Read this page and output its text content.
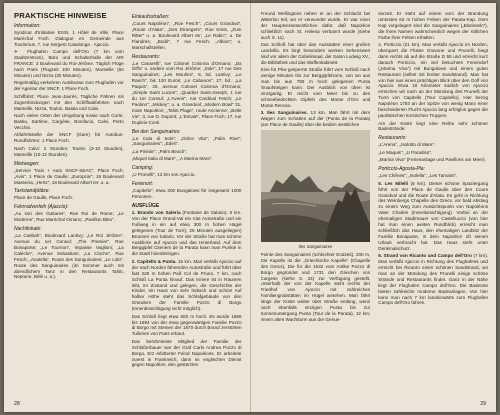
PRAKTISCHE HINWEISE
Information:

Syndicat d'Initiative ESSI, 1 Hôtel de Ville, Place Maréchal Foch. Dialogue en Gemeinde aus Tourismus. 7, rue Sergent Casalonga · Ajaccio.

✈ Flughafen Campo dell'Oro (7 km vom Stadtzentrum). Büro und Schalterhalle der AIR FRANCE: 3 Boulevard du Roi-Jérôme. Täglich Flüge nach Paris (Flugzeit 100 Minuten), Marseille (50 Minuten) und Nizza (30 Minuten).

Regelmäßig verkehren Autobusse zum Flughafen vor der Agentur der SNCF, 1 Place Foch.

Schiffahrt: Place Jean-Jaurès, Tägliche Fähren mit Zugverbindungen mit den Schiffsabfahrten nach Marseille, Nizza, Toulon. Bastia und Calvi.

Nach vielen Orten der Umgebung sowie nach Corte, Bastia, Sartène, Cargèse, Bonifacio, Calvi, Porto Vecchio.

Abfahrtsstelle der SNCF (Gare) für Autobus-Rundfahrten: 1 Place Foch.

Nach Calvi: 2 Stunden; Toulon (3-10 Stunden), Marseille (10-12 Stunden).

Mietwagen:

„Service Train + Auto SNCF-SEAC“, Place Foch; „Avis“, 1 Place de Gaulle; „Europcar“, 16 Boulevard Masseria; „Hertz“, 18 Boulevard Albert Ier. u. a.

Taxistandplätze:

Place de Gaulle, Place Foch.

Fahrradverleih (Ajaccio):

„Au son des Guitares“, Rue Roi de Rome; „Le Moderne“, Rue Maréchal Ornano; „Pavillon Bleu“.

Nachtlokale:

„La Casbah“, Boulevard Lantivy; „Le Roi Jérôme“, Avenue du 1er Consul; „The Premier“, Rue Bonaparte; „Le Tournon“, Impasse Vaglioni; „La Calèche“, Avenue Sebastiani; „La Cloche“, Rue Fesch; „Anatella“, Route des Sanguinaires; „Le Lido“. Route des Sanguinaires (im Sommer auch mit abendlichem Tanz in den Restaurants Tahiti, Neptune, Bélé u. a.).

Einkaufsstraßen:

„Cours Napoléon“, „Rue Fesch“; „Cours Grandval“, „Route d'Alata“, „Des Etrangers“, Rue Kreis, „Zum Ritter“ u. a. Boulevard Albert Ier; „Le Rabic“; u. De Flandres; „Bodé“, 7 rue Fesch; „Albion“; u. Marschallstellen.

Restaurants:

„Le Canarelli“, rue Colonel Colonna d'Ornano; „Da Giffo“ u. andere vom Roi Jérôme; „Sole“, 17 rue Des Sanguinaires; „Les Moulins“, 8, bd. Lantivy; „Le Ranch“, bis 120 Euros; „Le Cabanon“, 27, bd.; „La Paquis“, 25, avenue Colonel Colonna d'Ornano; „Simple Saint Lucien“; „Quartier Saint-Joseph, 1 rue du 1er Consul; „L'Avenir“, rue Cardinal Fesch; „Le Paolino“; „Mickey“; u. a. Grandval; „Modern Bowl“ 31, route Napoléon; „Tahiti Plage“, route Ancienne; „Belle Vie“, 3, rue D. Dupont; „L'Escale“, Place Foch; 17, rue Dupleix-Conti.

Bei den Sanguinaires:

„Le Cala di Sole“; „Dolce Vita“; „Palm Rive“; „Sanguinaires“; „Eden“.

„La Pinède“; „Palm Beach“.

„Miquel Italia di Mare“, „A Marina Mare“.

Camping:

„U Prunelli“, 12 km von Ajaccio.

Ferienort:

„Capitello“, etwa 300 Bungalows für insgesamt 1000 Personen.

AUSFLÜGE

1. Brando von Saleria (Fontaine de Salario). 5 km. Von der Place Grand-Val ein rote Autostraße und ein Fußweg in ein auf etwa 300 m hohen Hügel gelegenen (Tour de Turri), 25 Minuten ausgeliegen) Brunnen von Salario. Vor der Straße hat man schöne Ausblicke auf Ajaccio und das Hinterland. Auf dem Berggipfel Citenem de la Parata kann man Punkte in die Stadt hineinbringen.

2. Capitello & Punta. 15 km. Man verläßt Ajaccio auf der nach Norden führenden Autostraße und führt über fast 228 m hohen Paß Col de Pruno, 7 km, nach Schloß La Punta hinauf. Das Innere ist in Räumen lebt, im Zustand und gelegen, die Geschichte der Kinder, ein Haus von sehr hübsch und schön! Auf halber Höhe steht das Schlafgebäude von den Gründern der Familie Pozzo di Borgo (Innenbesichtigung nicht möglich).

Das Schloß liegt etwa 600 m hoch. Es wurde 1886 bis 1894 von der etwa gegenwärtigen Familie Pozzo di Borgo mit Steinen der 1870 durch Brand zerstörten Tuilerien von Paris erbaut.

Das berühmteste Mitglied der Familie der Schloßerbauer war der Graf Carlo Andrea Pozzo di Borgo, Erz erbitterter Feind Napoléons. Er arbeitete zuerst in Frankreich, dann im englischen Dienst gegen Napoléon, den gestürzten

28

Freund Wellingtons neben er an der Schlacht bei Waterloo teil, wo er verwundet wurde. Er war einer der Hauptverantwortlichen dafür, daß Napoléon schließlich nach St. Helena verbannt wurde (siehe auch S. 11).

Das Schloß hat über das Ausstatten einer großen Landvilla. Es birgt besonders werken Sehenswert sind vor allem der Gobelinsaal, der Salon Ludwig XV., die Bibliothek und das Waffenkabinett.

Eine für Pkw gesperrte Straße führt vom Schloß nach wenige Minuten bis zur Berggipfelzone, von wo aus man bis aus 780 m hoch gelegenen Punta hinaufsteigen kann. Der Ausblick von oben ist einzigartig. Er reicht vom Meer bis zu den schneebedeckten Gipfeln des Monte d'Oro und Monte Renoso.

3. Iles Sanguinaires. 13 km. Man fährt mit dem Wagen zum Schatten auf der (Punta de la Parata) (am Place de Gaulle) über die beiden westlichen

Iles Sanguinaires

Pointe des Sanguinaires (schlechter Endzeit), 200 m, Die Kapelle ist die „Griechische Kapelle“ (Chapelle des Grecs), Die für die 1632 vom Antike Pozzo di Borgo gegründet und 1731 den Griechen von Cargese (siehe S. 34) zur Verfügung gestellt. Unterhalb der von der Kapelle steht rechts der Friedhof von Ajaccio mit zahlreichen Familiengrabstätten im Hügel ansehen. Man fährt längs der Küste weiter über Straße entlang, wenn nach ebenfalls einzigen Punta bis zur Sonnenuntergang Punta (Tour de la Parata), 12 km; einem alten Wachtturm aus der Genue-

serzeit. Er steht auf einem vom der Brandung umtosten 63 m hohen Felsen der Parata-Kap. Dem Kap vorgelagert sind die Sanguinaires („Blutinseln“), die ihren Namen wahrscheinlich wegen der rötlichen Farbe ihrer Felsen erhalten.

4. Porticcio (21 km). Man verläßt Ajaccio im Norden, überquert die Flüsse Gravone und Prunelli, biegt dann rechts ab auf die Straße D 55 und erreicht kurz danach Porticcio, ein viel besuchtes Feriendorf („Marina Viva“) mit Bungalows und einem guten Restaurant (selbst mit breiter Sandstrand). Man hat von hier aus einen prächtigen Blick über den Golf von Ajaccio. Etwa 18 Kilometer südlich von Ajaccio erreichen wir nach an der Mündung des Prunelli der Turm von Capitello (Tour Capitello). Hier bezog Napoléon 1793 an der Spitze von wenig Mann einer bescheidenen Flucht Ajaccio lang erfolglos gegen die paolistischen korsischen Truppen.

Am der Küste liegt eine Reihe sehr schöner Badestrände:

Restaurants:

„L'Arena“, „Isolotto di Mare“.

„Le Maquis“, „U Paradiso“.

„Marina Viva“ (Ferienanlage und Pavillons am Meer).

Porticcio-Agosta-Pla:

„Les Chênes“; „Isolella“; „Les Tamaris“.

5. Les Milelli (8 km). Dieser schöne Spaziergang führt von der Place de Gaulle über den Cours Grandval und die Route d'Alata. Es geht in Richtung des Weinbergs Chapelle des Grecs, vor bald Abstieg zu einem Weg zum Aussichtspunkt von Napoléons Vater Charles (Innenbesichtigung). Vorbei an der ehemaligen Stadtmauer von Castelluccio (von hier hat man einen weiten Rundblick) erreicht man schließlich das Haus, den ehemaligen Landsitz der Familie Bonaparte, in dem Napoléon oft seinen Urlaub verbracht hat. Das Haus steht unter Denkmalschutz.

6. Strand von Ricanto und Campo dell'Oro (7 km). Man verläßt Ajaccio in Richtung des Flughafens und erreicht bei Ricanto einen schönen Sandstrand, wo man an der Mündung des Prunelli einige schöne Strände und Restaurants findet. Ganz in der Nähe liegt der Flughafen Campo dell'Oro. Die Badeorte bieten zahlreiche moderne Badeanlagen. Von hier kann man nach 7 km landeinwärts zum Flughafen Campo dell'Oro fahren.

29
